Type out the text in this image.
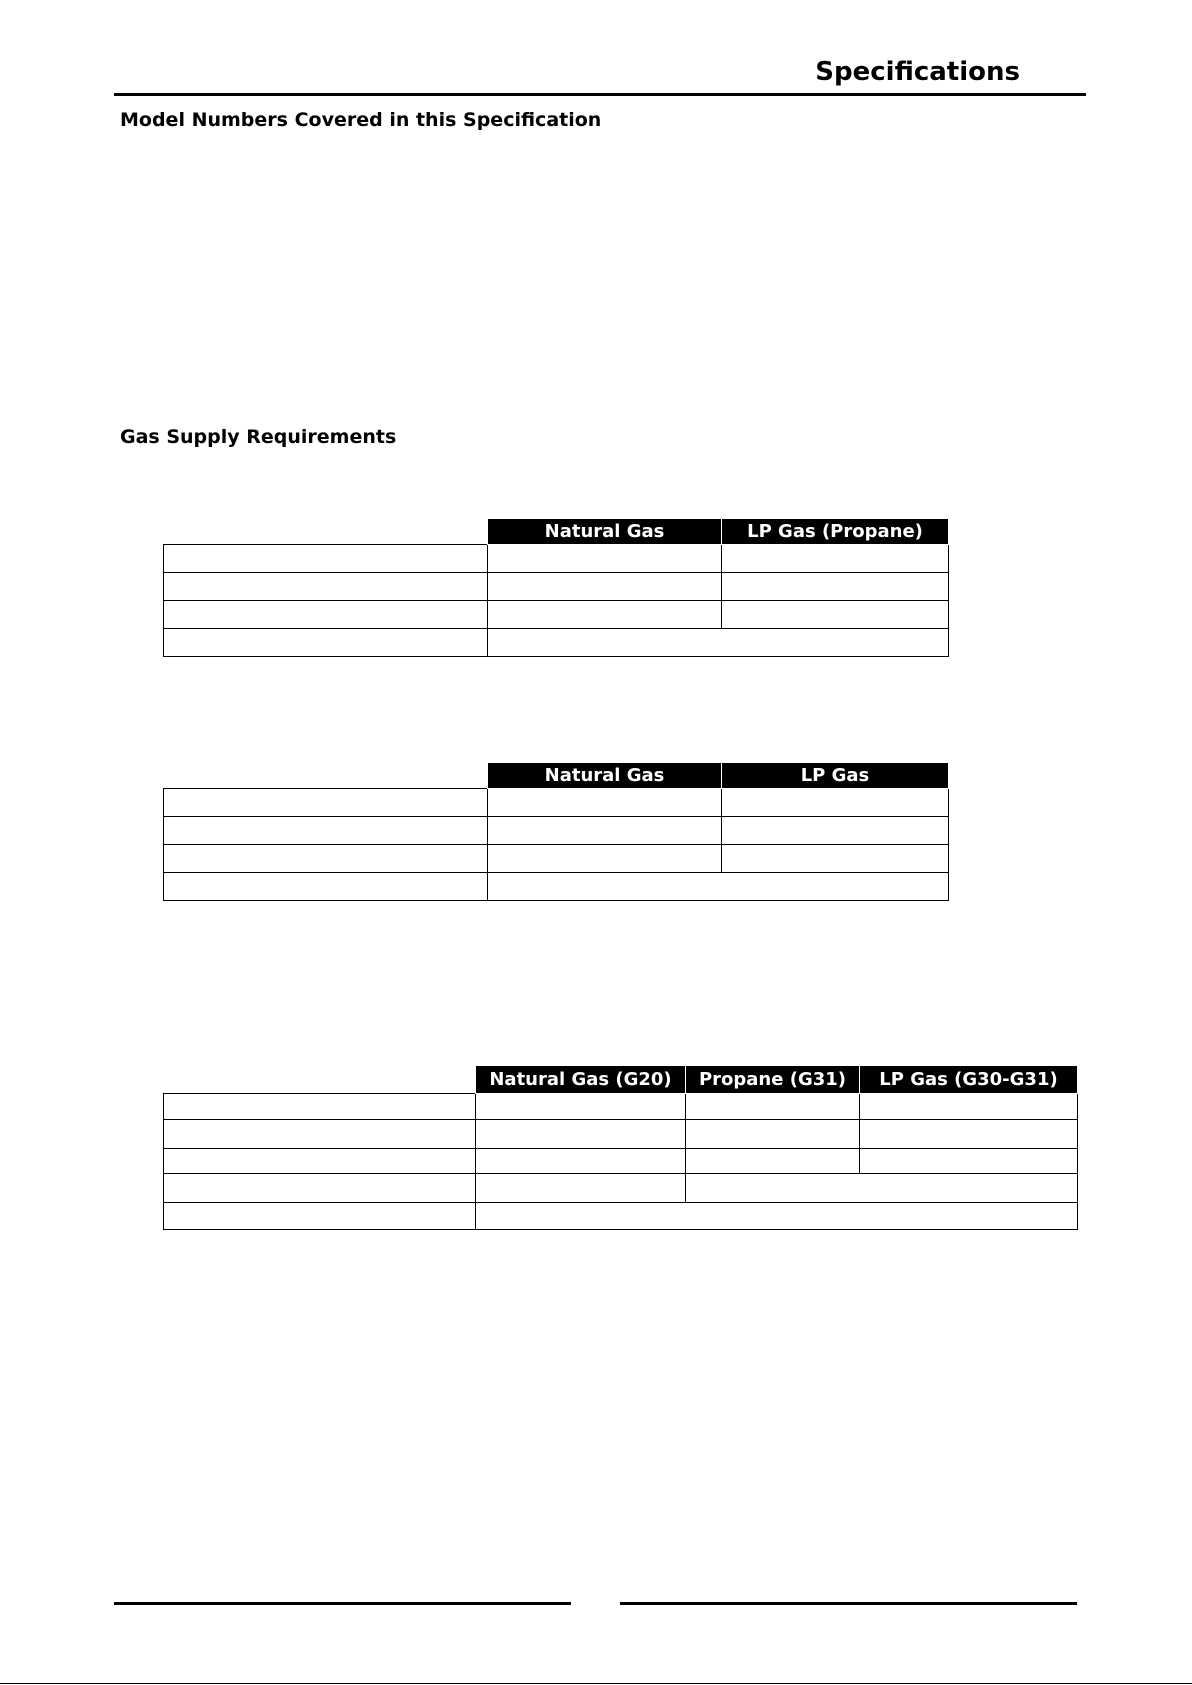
Specifications
Model Numbers Covered in this Specification
Gas Supply Requirements
	Natural Gas	LP Gas (Propane)

	Natural Gas	LP Gas

	Natural Gas (G20)	Propane (G31)	LP Gas (G30-G31)
